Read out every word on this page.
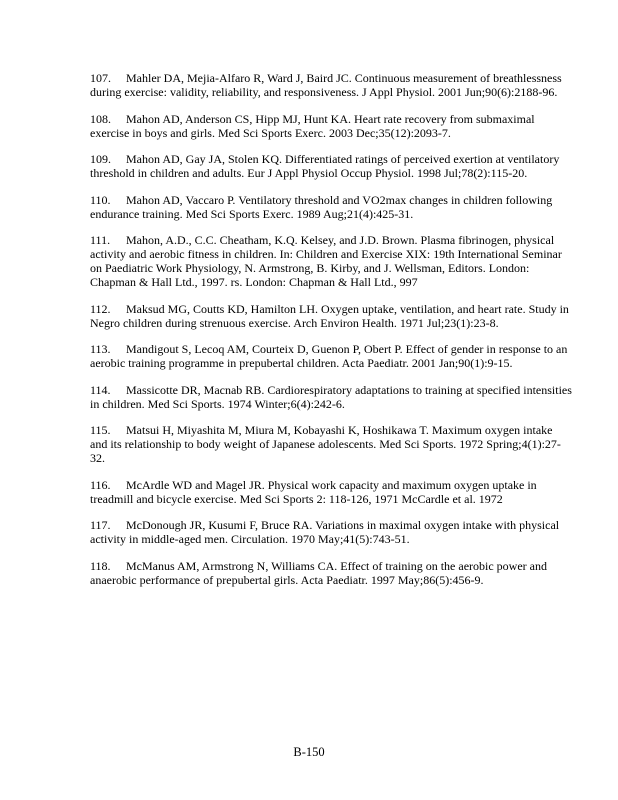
107. Mahler DA, Mejia-Alfaro R, Ward J, Baird JC. Continuous measurement of breathlessness during exercise: validity, reliability, and responsiveness. J Appl Physiol. 2001 Jun;90(6):2188-96.

108. Mahon AD, Anderson CS, Hipp MJ, Hunt KA. Heart rate recovery from submaximal exercise in boys and girls. Med Sci Sports Exerc. 2003 Dec;35(12):2093-7.

109. Mahon AD, Gay JA, Stolen KQ. Differentiated ratings of perceived exertion at ventilatory threshold in children and adults. Eur J Appl Physiol Occup Physiol. 1998 Jul;78(2):115-20.

110. Mahon AD, Vaccaro P. Ventilatory threshold and VO2max changes in children following endurance training. Med Sci Sports Exerc. 1989 Aug;21(4):425-31.

111. Mahon, A.D., C.C. Cheatham, K.Q. Kelsey, and J.D. Brown. Plasma fibrinogen, physical activity and aerobic fitness in children. In: Children and Exercise XIX: 19th International Seminar on Paediatric Work Physiology, N. Armstrong, B. Kirby, and J. Wellsman, Editors. London: Chapman & Hall Ltd., 1997. rs. London: Chapman & Hall Ltd., 997

112. Maksud MG, Coutts KD, Hamilton LH. Oxygen uptake, ventilation, and heart rate. Study in Negro children during strenuous exercise. Arch Environ Health. 1971 Jul;23(1):23-8.

113. Mandigout S, Lecoq AM, Courteix D, Guenon P, Obert P. Effect of gender in response to an aerobic training programme in prepubertal children. Acta Paediatr. 2001 Jan;90(1):9-15.

114. Massicotte DR, Macnab RB. Cardiorespiratory adaptations to training at specified intensities in children. Med Sci Sports. 1974 Winter;6(4):242-6.

115. Matsui H, Miyashita M, Miura M, Kobayashi K, Hoshikawa T. Maximum oxygen intake and its relationship to body weight of Japanese adolescents. Med Sci Sports. 1972 Spring;4(1):27-32.

116. McArdle WD and Magel JR. Physical work capacity and maximum oxygen uptake in treadmill and bicycle exercise. Med Sci Sports 2: 118-126, 1971 McCardle et al. 1972

117. McDonough JR, Kusumi F, Bruce RA. Variations in maximal oxygen intake with physical activity in middle-aged men. Circulation. 1970 May;41(5):743-51.

118. McManus AM, Armstrong N, Williams CA. Effect of training on the aerobic power and anaerobic performance of prepubertal girls. Acta Paediatr. 1997 May;86(5):456-9.

B-150
